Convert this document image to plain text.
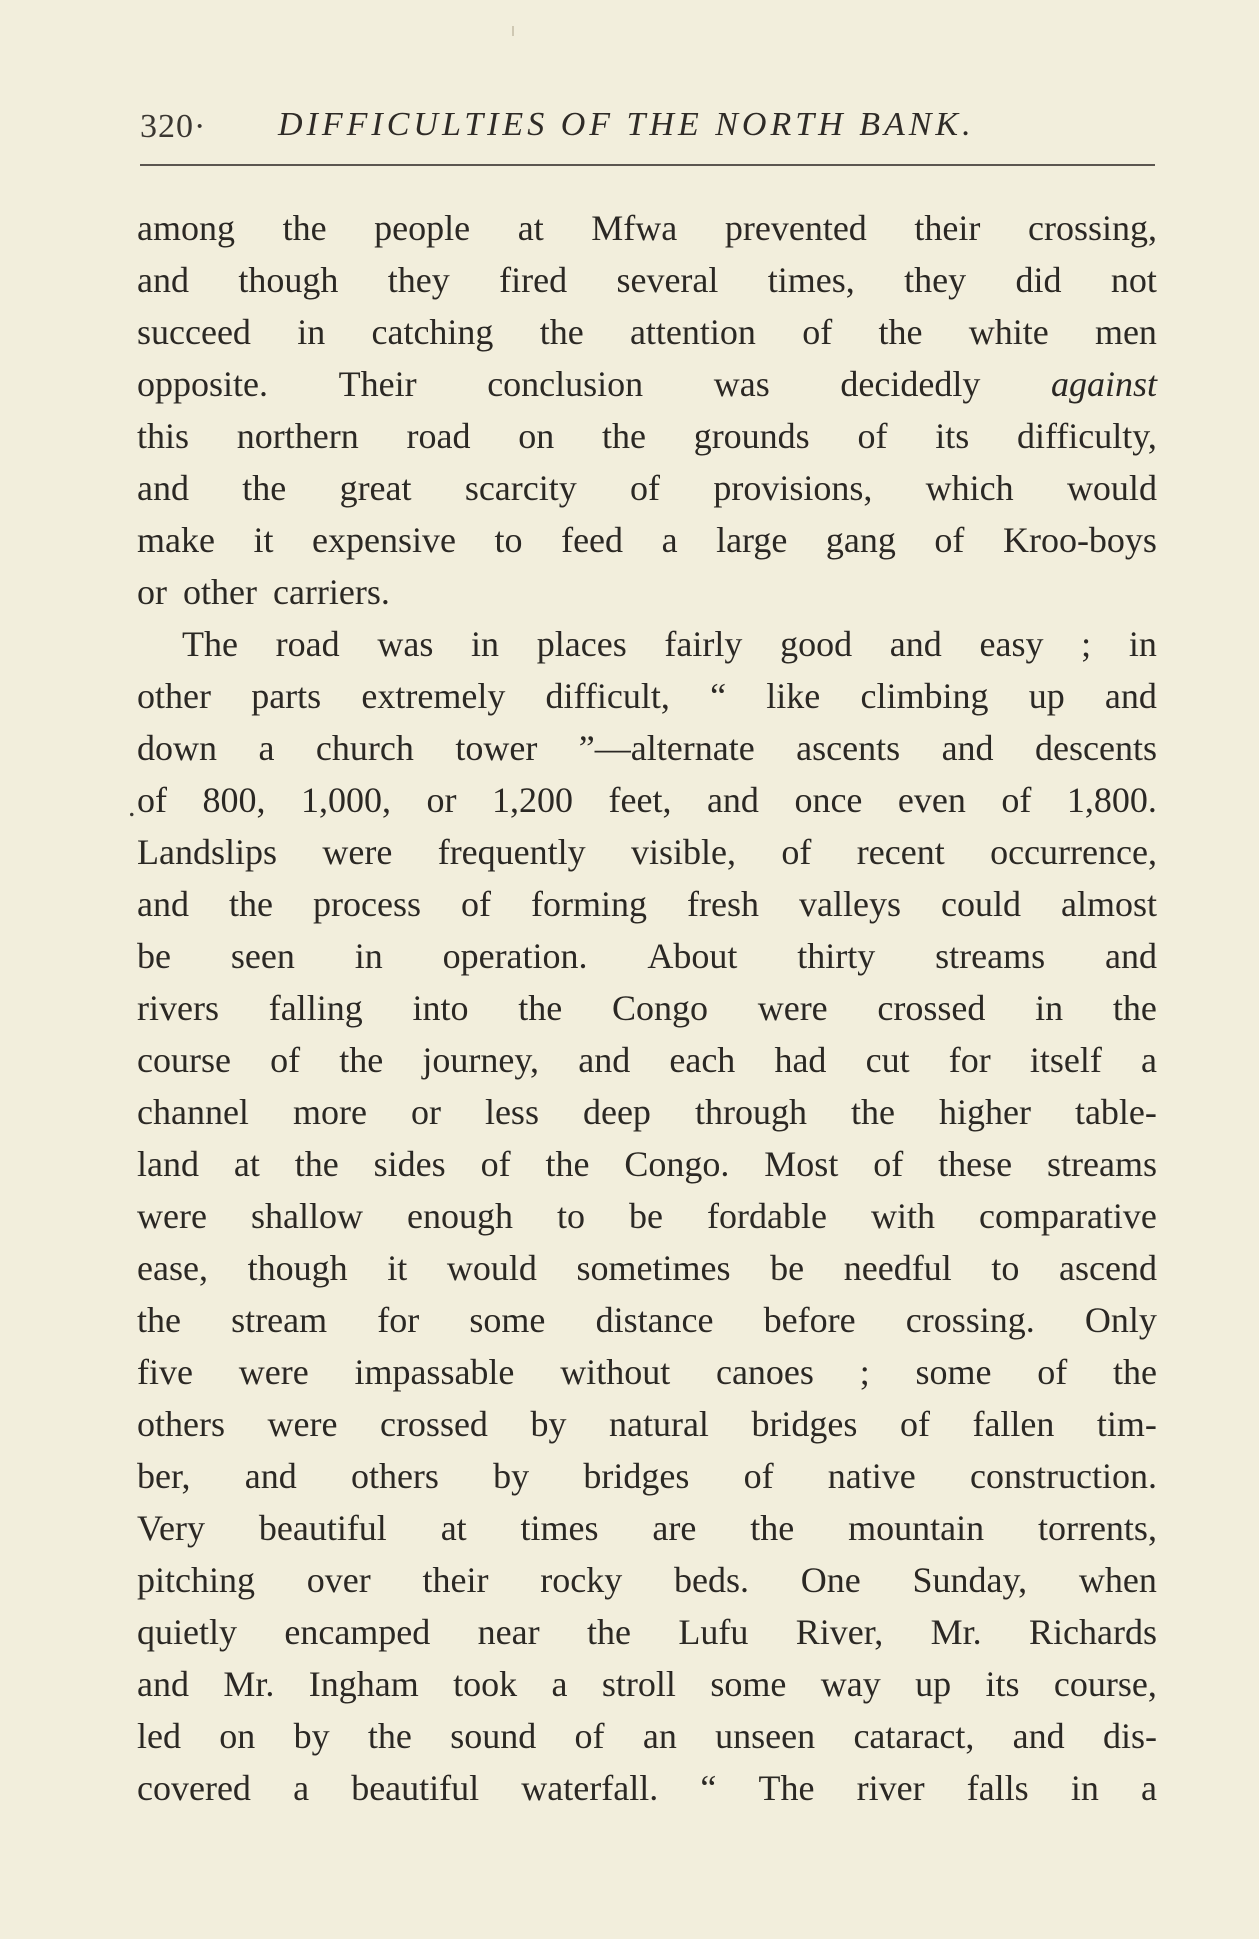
320· DIFFICULTIES OF THE NORTH BANK.
.
among the people at Mfwa prevented their crossing,
and though they fired several times, they did not
succeed in catching the attention of the white men
opposite. Their conclusion was decidedly against
this northern road on the grounds of its difficulty,
and the great scarcity of provisions, which would
make it expensive to feed a large gang of Kroo-boys
or other carriers.
The road was in places fairly good and easy ; in
other parts extremely difficult, “ like climbing up and
down a church tower ”—alternate ascents and descents
of 800, 1,000, or 1,200 feet, and once even of 1,800.
Landslips were frequently visible, of recent occurrence,
and the process of forming fresh valleys could almost
be seen in operation. About thirty streams and
rivers falling into the Congo were crossed in the
course of the journey, and each had cut for itself a
channel more or less deep through the higher table-
land at the sides of the Congo. Most of these streams
were shallow enough to be fordable with comparative
ease, though it would sometimes be needful to ascend
the stream for some distance before crossing. Only
five were impassable without canoes ; some of the
others were crossed by natural bridges of fallen tim-
ber, and others by bridges of native construction.
Very beautiful at times are the mountain torrents,
pitching over their rocky beds. One Sunday, when
quietly encamped near the Lufu River, Mr. Richards
and Mr. Ingham took a stroll some way up its course,
led on by the sound of an unseen cataract, and dis-
covered a beautiful waterfall. “ The river falls in a
